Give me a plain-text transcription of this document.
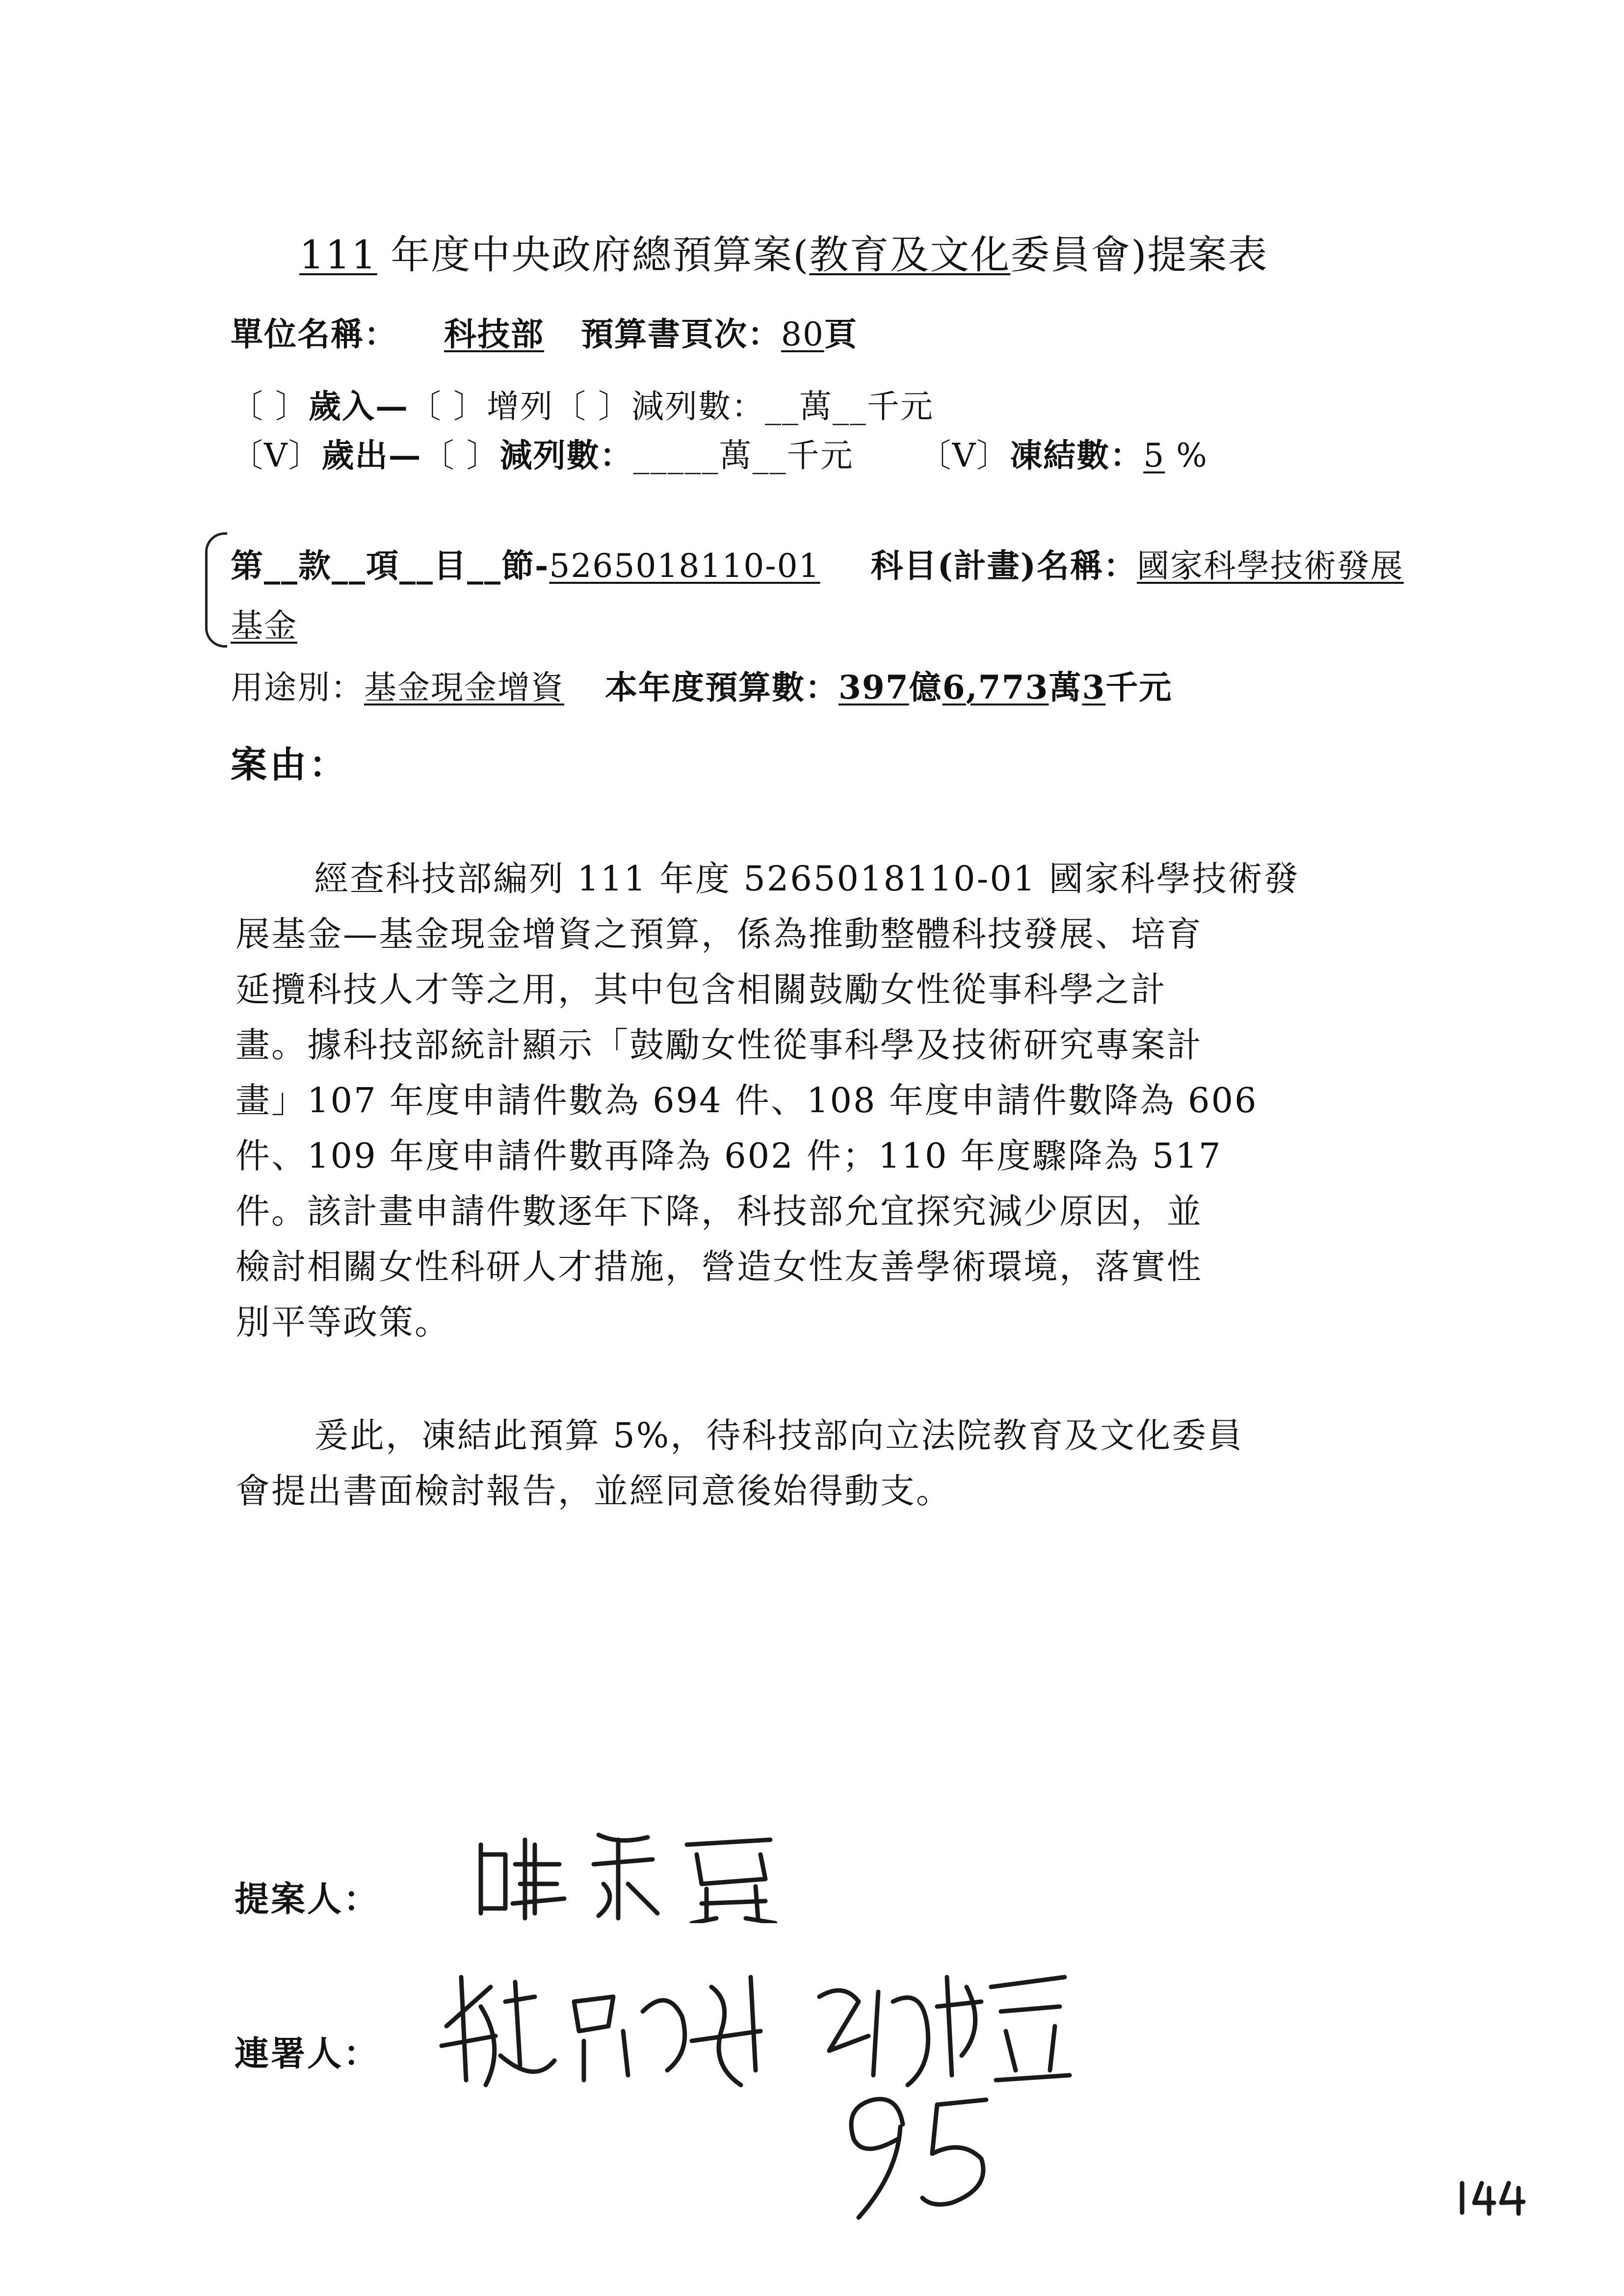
111 年度中央政府總預算案(教育及文化委員會)提案表
單位名稱： 科技部 預算書頁次：80頁
〔 〕歲入—〔 〕增列〔 〕減列數：__萬__千元
〔V〕歲出—〔 〕減列數：_____萬__千元 〔V〕凍結數：5 %
第__款__項__目__節-5265018110-01 科目(計畫)名稱：國家科學技術發展
基金
用途別：基金現金增資 本年度預算數：397億6,773萬3千元
案由：
經查科技部編列 111 年度 5265018110-01 國家科學技術發
展基金—基金現金增資之預算，係為推動整體科技發展、培育
延攬科技人才等之用，其中包含相關鼓勵女性從事科學之計
畫。據科技部統計顯示「鼓勵女性從事科學及技術研究專案計
畫」107 年度申請件數為 694 件、108 年度申請件數降為 606
件、109 年度申請件數再降為 602 件；110 年度驟降為 517
件。該計畫申請件數逐年下降，科技部允宜探究減少原因，並
檢討相關女性科研人才措施，營造女性友善學術環境，落實性
別平等政策。
爰此，凍結此預算 5%，待科技部向立法院教育及文化委員
會提出書面檢討報告，並經同意後始得動支。
提案人：
連署人：
